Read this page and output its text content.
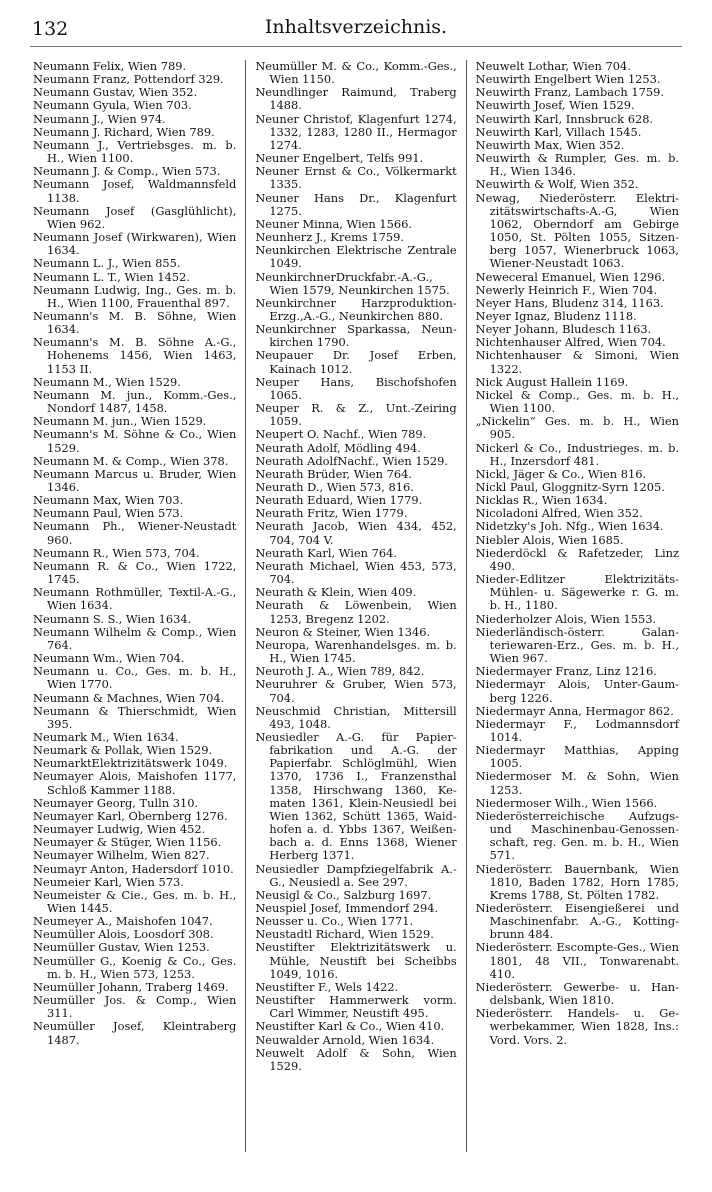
132	Inhaltsverzeichnis.
Neumann Felix, Wien 789.
Neumann Franz, Pottendorf 329.
Neumann Gustav, Wien 352.
Neumann Gyula, Wien 703.
Neumann J., Wien 974.
Neumann J. Richard, Wien 789.
Neumann J., Vertriebsges. m. b. H., Wien 1100.
Neumann J. & Comp., Wien 573.
Neumann Josef, Waldmannsfeld 1138.
Neumann Josef (Gasglühlicht), Wien 962.
Neumann Josef (Wirkwaren), Wien 1634.
Neumann L. J., Wien 855.
Neumann L. T., Wien 1452.
Neumann Ludwig, Ing., Ges. m. b. H., Wien 1100, Frauenthal 897.
Neumann's M. B. Söhne, Wien 1634.
Neumann's M. B. Söhne A.-G., Hohenems 1456, Wien 1463, 1153 II.
Neumann M., Wien 1529.
Neumann M. jun., Komm.-Ges., Nondorf 1487, 1458.
Neumann M. jun., Wien 1529.
Neumann's M. Söhne & Co., Wien 1529.
Neumann M. & Comp., Wien 378.
Neumann Marcus u. Bruder, Wien 1346.
Neumann Max, Wien 703.
Neumann Paul, Wien 573.
Neumann Ph., Wiener-Neustadt 960.
Neumann R., Wien 573, 704.
Neumann R. & Co., Wien 1722, 1745.
Neumann Rothmüller, Textil-A.-G., Wien 1634.
Neumann S. S., Wien 1634.
Neumann Wilhelm & Comp., Wien 764.
Neumann Wm., Wien 704.
Neumann u. Co., Ges. m. b. H., Wien 1770.
Neumann & Machnes, Wien 704.
Neumann & Thierschmidt, Wien 395.
Neumark M., Wien 1634.
Neumark & Pollak, Wien 1529.
NeumarktElektrizitätswerk 1049.
Neumayer Alois, Maishofen 1177, Schloß Kammer 1188.
Neumayer Georg, Tulln 310.
Neumayer Karl, Obernberg 1276.
Neumayer Ludwig, Wien 452.
Neumayer & Stüger, Wien 1156.
Neumayer Wilhelm, Wien 827.
Neumayr Anton, Hadersdorf 1010.
Neumeier Karl, Wien 573.
Neumeister & Cie., Ges. m. b. H., Wien 1445.
Neumeyer A., Maishofen 1047.
Neumüller Alois, Loosdorf 308.
Neumüller Gustav, Wien 1253.
Neumüller G., Koenig & Co., Ges. m. b. H., Wien 573, 1253.
Neumüller Johann, Traberg 1469.
Neumüller Jos. & Comp., Wien 311.
Neumüller Josef, Kleintraberg 1487.
Neumüller M. & Co., Komm.-Ges., Wien 1150.
Neundlinger Raimund, Traberg 1488.
Neuner Christof, Klagenfurt 1274, 1332, 1283, 1280 II., Hermagor 1274.
Neuner Engelbert, Telfs 991.
Neuner Ernst & Co., Völkermarkt 1335.
Neuner Hans Dr., Klagenfurt 1275.
Neuner Minna, Wien 1566.
Neunherz J., Krems 1759.
Neunkirchen Elektrische Zentrale 1049.
NeunkirchnerDruckfabr.-A.-G., Wien 1579, Neunkirchen 1575.
Neunkirchner HarzproduktionErzg.,A.-G., Neunkirchen 880.
Neunkirchner Sparkassa, Neunkirchen 1790.
Neupauer Dr. Josef Erben, Kainach 1012.
Neuper Hans, Bischofshofen 1065.
Neuper R. & Z., Unt.-Zeiring 1059.
Neupert O. Nachf., Wien 789.
Neurath Adolf, Mödling 494.
Neurath AdolfNachf., Wien 1529.
Neurath Brüder, Wien 764.
Neurath D., Wien 573, 816.
Neurath Eduard, Wien 1779.
Neurath Fritz, Wien 1779.
Neurath Jacob, Wien 434, 452, 704, 704 V.
Neurath Karl, Wien 764.
Neurath Michael, Wien 453, 573, 704.
Neurath & Klein, Wien 409.
Neurath & Löwenbein, Wien 1253, Bregenz 1202.
Neuron & Steiner, Wien 1346.
Neuropa, Warenhandelsges. m. b. H., Wien 1745.
Neuroth J. A., Wien 789, 842.
Neuruhrer & Gruber, Wien 573, 704.
Neuschmid Christian, Mittersill 493, 1048.
Neusiedler A.-G. für Papierfabrikation und A.-G. der Papierfabr. Schlöglmühl, Wien 1370, 1736 I., Franzensthal 1358, Hirschwang 1360, Kematen 1361, Klein-Neusiedl bei Wien 1362, Schütt 1365, Waidhofen a. d. Ybbs 1367, Weißenbach a. d. Enns 1368, Wiener Herberg 1371.
Neusiedler Dampfziegelfabrik A.-G., Neusiedl a. See 297.
Neusigl & Co., Salzburg 1697.
Neuspiel Josef, Immendorf 294.
Neusser u. Co., Wien 1771.
Neustadtl Richard, Wien 1529.
Neustifter Elektrizitätswerk u. Mühle, Neustift bei Scheibbs 1049, 1016.
Neustifter F., Wels 1422.
Neustifter Hammerwerk vorm. Carl Wimmer, Neustift 495.
Neustifter Karl & Co., Wien 410.
Neuwalder Arnold, Wien 1634.
Neuwelt Adolf & Sohn, Wien 1529.
Neuwelt Lothar, Wien 704.
Neuwirth Engelbert Wien 1253.
Neuwirth Franz, Lambach 1759.
Neuwirth Josef, Wien 1529.
Neuwirth Karl, Innsbruck 628.
Neuwirth Karl, Villach 1545.
Neuwirth Max, Wien 352.
Neuwirth & Rumpler, Ges. m. b. H., Wien 1346.
Neuwirth & Wolf, Wien 352.
Newag, Niederösterr. Elektrizitätswirtschafts-A.-G, Wien 1062, Oberndorf am Gebirge 1050, St. Pölten 1055, Sitzenberg 1057, Wienerbruck 1063, Wiener-Neustadt 1063.
Neweceral Emanuel, Wien 1296.
Newerly Heinrich F., Wien 704.
Neyer Hans, Bludenz 314, 1163.
Neyer Ignaz, Bludenz 1118.
Neyer Johann, Bludesch 1163.
Nichtenhauser Alfred, Wien 704.
Nichtenhauser & Simoni, Wien 1322.
Nick August Hallein 1169.
Nickel & Comp., Ges. m. b. H., Wien 1100.
„Nickelin“ Ges. m. b. H., Wien 905.
Nickerl & Co., Industrieges. m. b. H., Inzersdorf 481.
Nickl, Jäger & Co., Wien 816.
Nickl Paul, Gloggnitz-Syrn 1205.
Nicklas R., Wien 1634.
Nicoladoni Alfred, Wien 352.
Nidetzky's Joh. Nfg., Wien 1634.
Niebler Alois, Wien 1685.
Niederdöckl & Rafetzeder, Linz 490.
Nieder-Edlitzer Elektrizitäts-Mühlen- u. Sägewerke r. G. m. b. H., 1180.
Niederholzer Alois, Wien 1553.
Niederländisch-österr. Galanteriewaren-Erz., Ges. m. b. H., Wien 967.
Niedermayer Franz, Linz 1216.
Niedermayr Alois, Unter-Gaumberg 1226.
Niedermayr Anna, Hermagor 862.
Niedermayr F., Lodmannsdorf 1014.
Niedermayr Matthias, Apping 1005.
Niedermoser M. & Sohn, Wien 1253.
Niedermoser Wilh., Wien 1566.
Niederösterreichische Aufzugs- und Maschinenbau-Genossenschaft, reg. Gen. m. b. H., Wien 571.
Niederösterr. Bauernbank, Wien 1810, Baden 1782, Horn 1785, Krems 1788, St. Pölten 1782.
Niederösterr. Eisengießerei und Maschinenfabr. A.-G., Kottingbrunn 484.
Niederösterr. Escompte-Ges., Wien 1801, 48 VII., Tonwarenabt. 410.
Niederösterr. Gewerbe- u. Handelsbank, Wien 1810.
Niederösterr. Handels- u. Gewerbekammer, Wien 1828, Ins.: Vord. Vors. 2.
